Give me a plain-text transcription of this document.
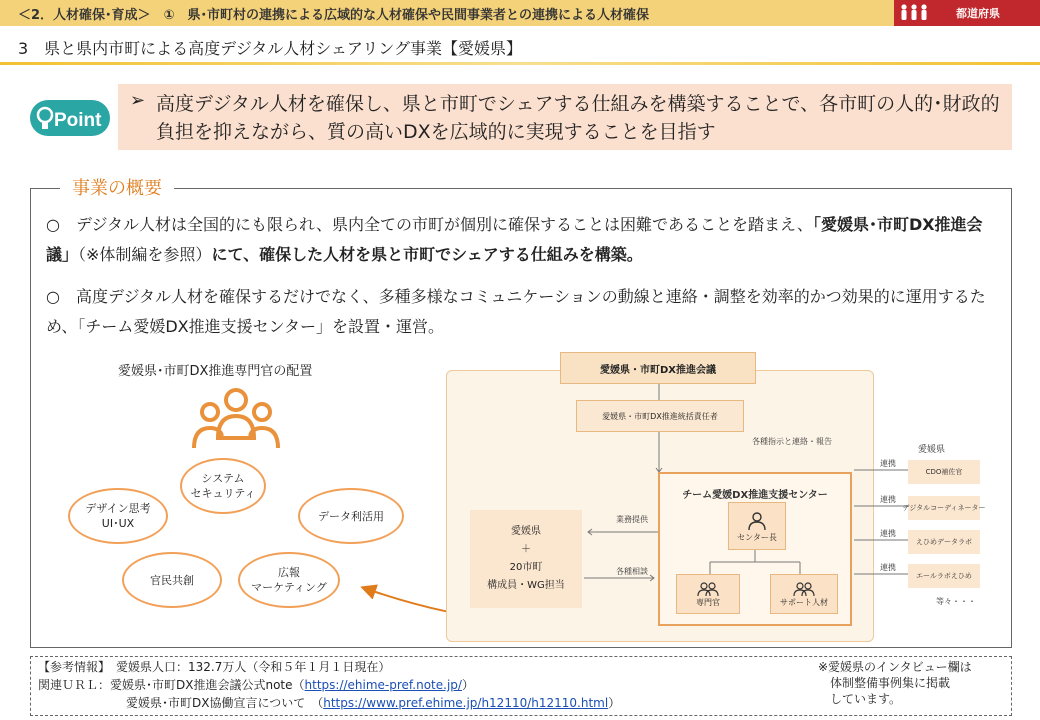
＜2．人材確保･育成＞　①　県･市町村の連携による広域的な人材確保や民間事業者との連携による人材確保	都道府県
3　県と県内市町による高度デジタル人材シェアリング事業【愛媛県】
Point
➢ 高度デジタル人材を確保し、県と市町でシェアする仕組みを構築することで、各市町の人的･財政的負担を抑えながら、質の高いDXを広域的に実現することを目指す
事業の概要
○　デジタル人材は全国的にも限られ、県内全ての市町が個別に確保することは困難であることを踏まえ、「愛媛県･市町DX推進会議」（※体制編を参照）にて、確保した人材を県と市町でシェアする仕組みを構築。
○　高度デジタル人材を確保するだけでなく、多種多様なコミュニケーションの動線と連絡・調整を効率的かつ効果的に運用するため、「チーム愛媛DX推進支援センター」を設置・運営。
愛媛県･市町DX推進専門官の配置
システム
セキュリティ
デザイン思考
UI･UX
データ利活用
官民共創
広報
マーケティング
愛媛県・市町DX推進会議
愛媛県・市町DX推進統括責任者
各種指示と連絡・報告
チーム愛媛DX推進支援センター
センター長
専門官	サポート人材
愛媛県
＋
20市町
構成員・WG担当
業務提供
各種相談
愛媛県
連携
連携
連携
連携
CDO補佐官
デジタルコーディネーター
えひめデータラボ
エールラボえひめ
等々・・・
【参考情報】　 愛媛県人口：132.7万人（令和５年１月１日現在）
関連ＵＲＬ：愛媛県･市町DX推進会議公式note（https://ehime-pref.note.jp/）
愛媛県･市町DX協働宣言について　（https://www.pref.ehime.jp/h12110/h12110.html）
※愛媛県のインタビュー欄は
　体制整備事例集に掲載
　しています。
